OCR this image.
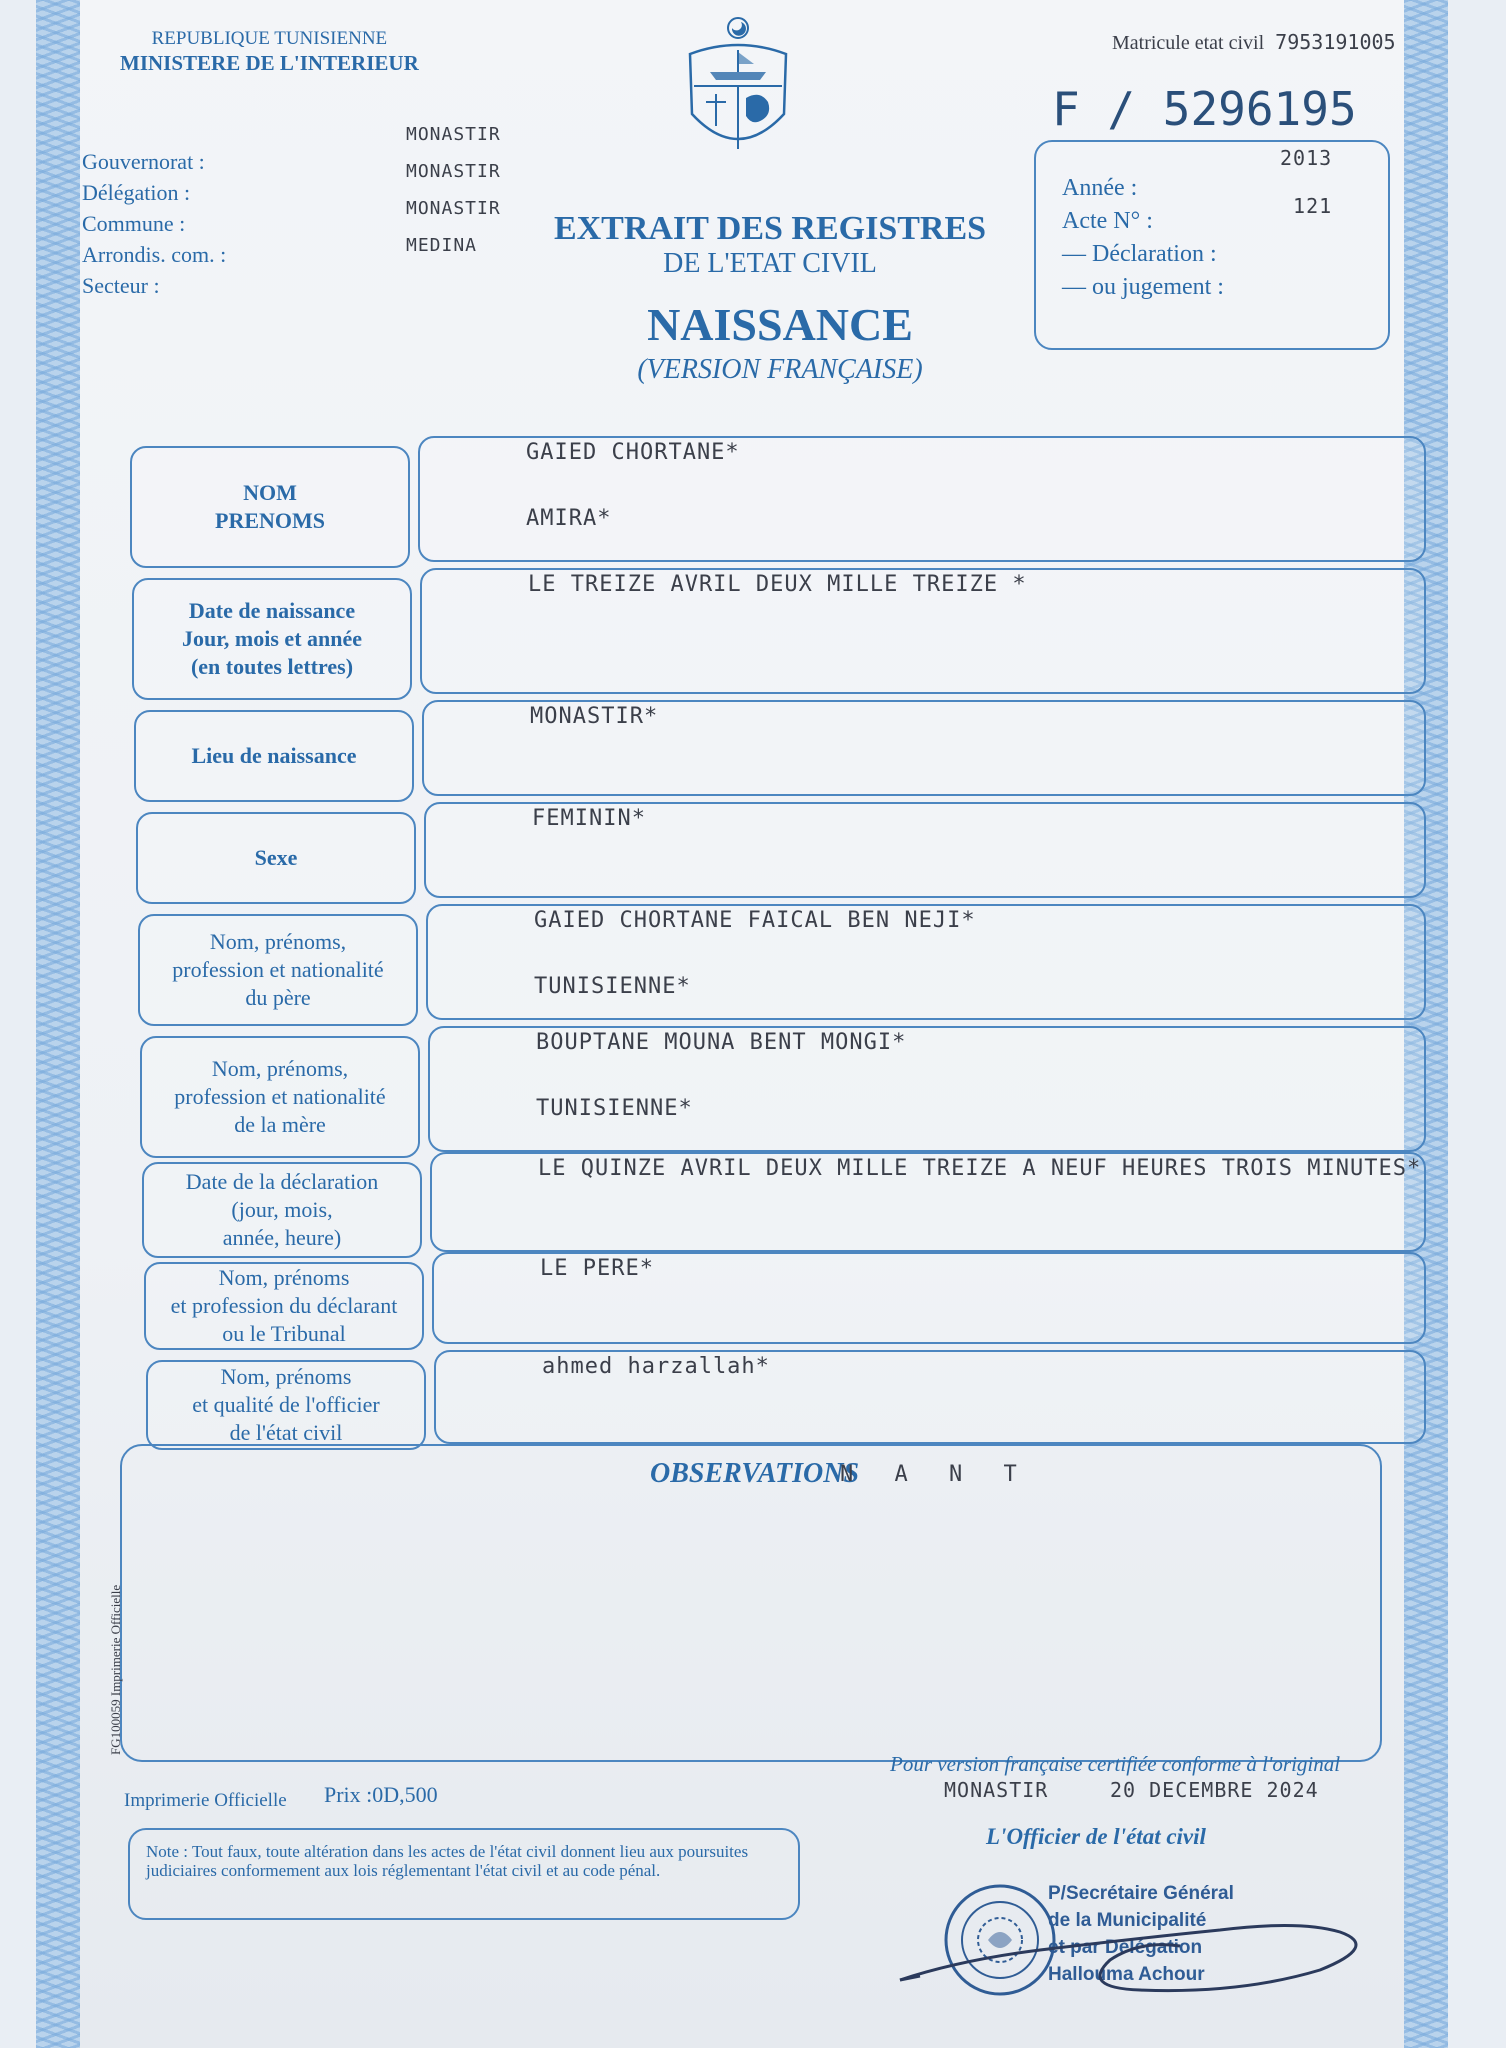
REPUBLIQUE TUNISIENNE
MINISTERE DE L'INTERIEUR
Gouvernorat :
Délégation :
Commune :
Arrondis. com. :
Secteur :
MONASTIR
MONASTIR
MONASTIR
MEDINA	EXTRAIT DES REGISTRES
DE L'ETAT CIVIL
NAISSANCE
(VERSION FRANÇAISE)
Matricule etat civil 7953191005
F / 5296195
Année :
Acte N° :
— Déclaration :
— ou jugement :
2013
121
NOM
PRENOMS
GAIED CHORTANE*
AMIRA*
Date de naissance
Jour, mois et année
(en toutes lettres)
LE TREIZE AVRIL DEUX MILLE TREIZE *
Lieu de naissance
MONASTIR*
Sexe
FEMININ*
Nom, prénoms,
profession et nationalité
du père
GAIED CHORTANE FAICAL BEN NEJI*
TUNISIENNE*
Nom, prénoms,
profession et nationalité
de la mère
BOUPTANE MOUNA BENT MONGI*
TUNISIENNE*
Date de la déclaration
(jour, mois,
année, heure)
LE QUINZE AVRIL DEUX MILLE TREIZE A NEUF HEURES TROIS MINUTES*
Nom, prénoms
et profession du déclarant
ou le Tribunal
LE PERE*
Nom, prénoms
et qualité de l'officier
de l'état civil
ahmed harzallah*
OBSERVATIONS
N A N T
FG100059 Imprimerie Officielle
Imprimerie Officielle Prix :0D,500
Note : Tout faux, toute altération dans les actes de l'état civil donnent lieu aux poursuites judiciaires conformement aux lois réglementant l'état civil et au code pénal.
Pour version française certifiée conforme à l'original
MONASTIR	20 DECEMBRE 2024
L'Officier de l'état civil
P/Secrétaire Général
de la Municipalité
et par Délégation
Hallouma Achour
